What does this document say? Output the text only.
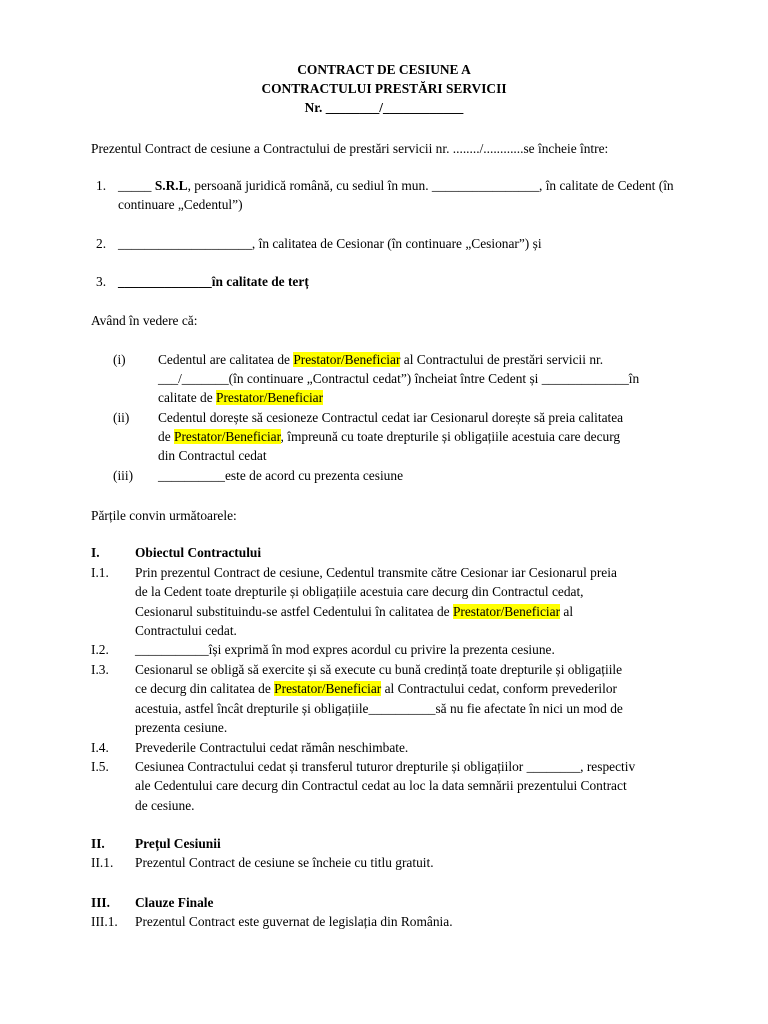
CONTRACT DE CESIUNE A
CONTRACTULUI PRESTĂRI SERVICII
Nr. ________/____________
Prezentul Contract de cesiune a Contractului de prestări servicii nr. ......../............se încheie între:
1. _____ S.R.L, persoană juridică română, cu sediul în mun. ________________, în calitate de Cedent (în
continuare „Cedentul”)
2. ____________________, în calitatea de Cesionar (în continuare „Cesionar”) și
3. ______________în calitate de terț
Având în vedere că:
(i) Cedentul are calitatea de Prestator/Beneficiar al Contractului de prestări servicii nr.
___/_______(în continuare „Contractul cedat”) încheiat între Cedent și _____________în
calitate de Prestator/Beneficiar
(ii) Cedentul dorește să cesioneze Contractul cedat iar Cesionarul dorește să preia calitatea
de Prestator/Beneficiar, împreună cu toate drepturile și obligațiile acestuia care decurg
din Contractul cedat
(iii) __________este de acord cu prezenta cesiune
Părțile convin următoarele:
I.	Obiectul Contractului
I.1. Prin prezentul Contract de cesiune, Cedentul transmite către Cesionar iar Cesionarul preia
de la Cedent toate drepturile și obligațiile acestuia care decurg din Contractul cedat,
Cesionarul substituindu-se astfel Cedentului în calitatea de Prestator/Beneficiar al
Contractului cedat.
I.2. ___________își exprimă în mod expres acordul cu privire la prezenta cesiune.
I.3. Cesionarul se obligă să exercite și să execute cu bună credință toate drepturile și obligațiile
ce decurg din calitatea de Prestator/Beneficiar al Contractului cedat, conform prevederilor
acestuia, astfel încât drepturile și obligațiile__________să nu fie afectate în nici un mod de
prezenta cesiune.
I.4. Prevederile Contractului cedat rămân neschimbate.
I.5. Cesiunea Contractului cedat și transferul tuturor drepturile și obligațiilor ________, respectiv
ale Cedentului care decurg din Contractul cedat au loc la data semnării prezentului Contract
de cesiune.
II. Prețul Cesiunii
II.1. Prezentul Contract de cesiune se încheie cu titlu gratuit.
III. Clauze Finale
III.1. Prezentul Contract este guvernat de legislația din România.
